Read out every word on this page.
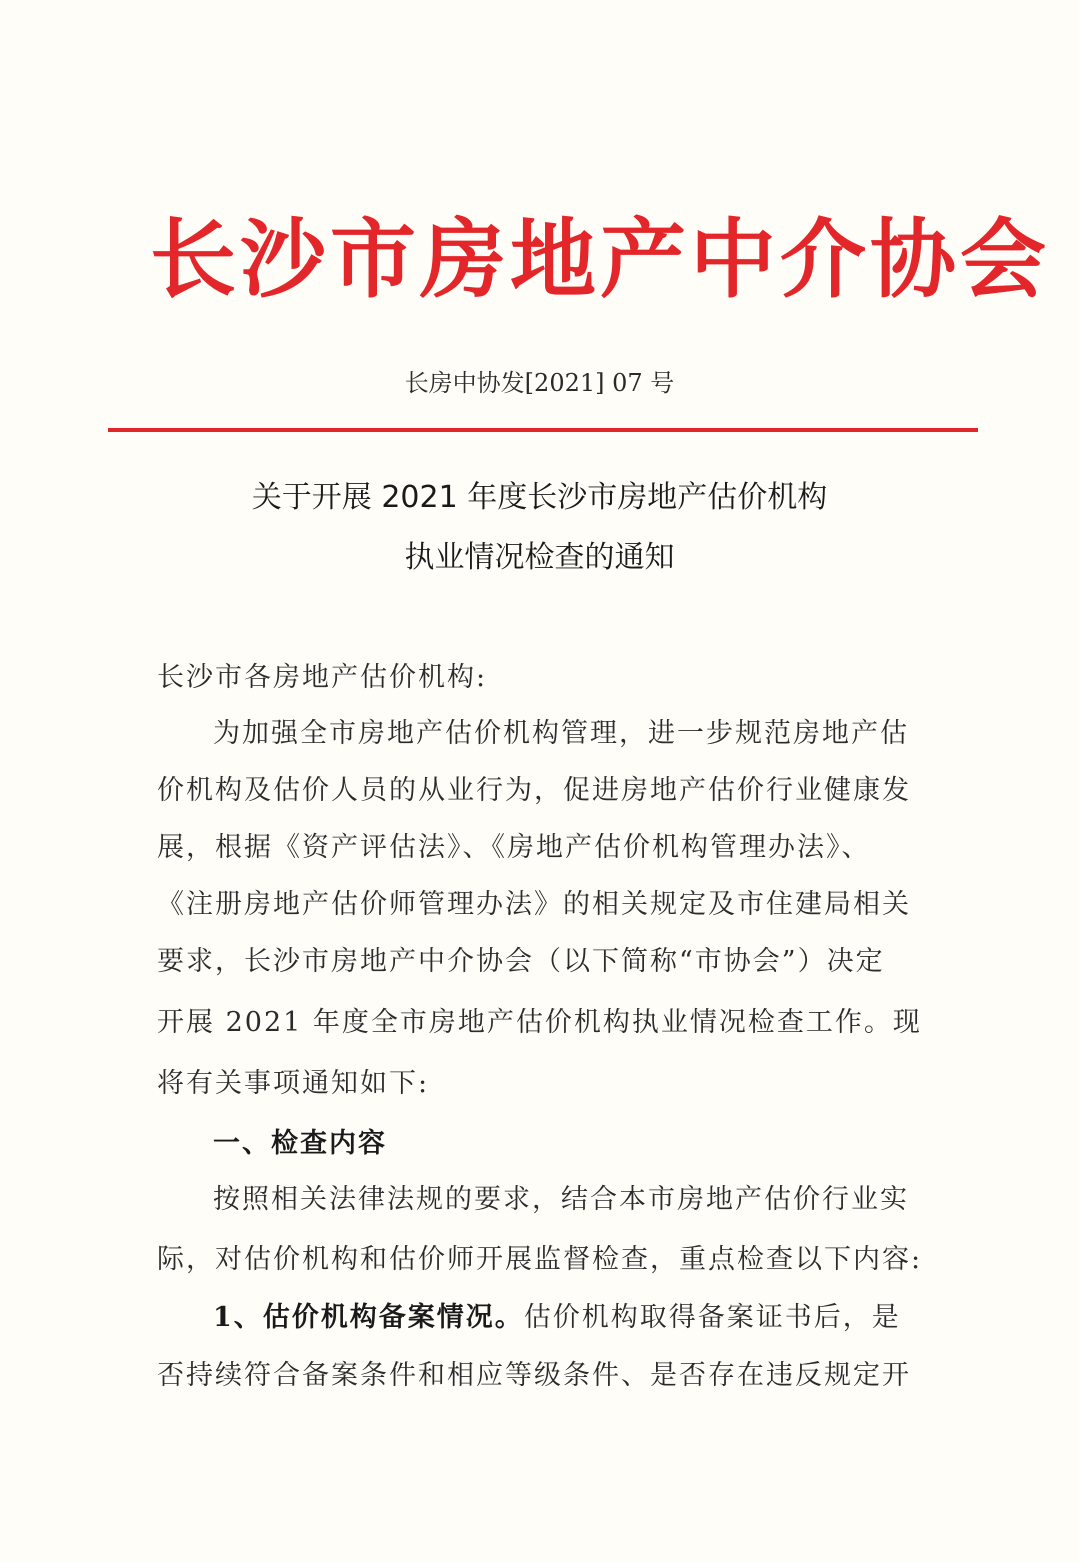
长沙市房地产中介协会
长房中协发[2021] 07 号
关于开展 2021 年度长沙市房地产估价机构
执业情况检查的通知
长沙市各房地产估价机构:
为加强全市房地产估价机构管理，进一步规范房地产估
价机构及估价人员的从业行为，促进房地产估价行业健康发
展，根据《资产评估法》、《房地产估价机构管理办法》、
《注册房地产估价师管理办法》的相关规定及市住建局相关
要求，长沙市房地产中介协会（以下简称“市协会”）决定
开展 2021 年度全市房地产估价机构执业情况检查工作。现
将有关事项通知如下:
一、检查内容
按照相关法律法规的要求，结合本市房地产估价行业实
际，对估价机构和估价师开展监督检查，重点检查以下内容:
1、估价机构备案情况。估价机构取得备案证书后，是
否持续符合备案条件和相应等级条件、是否存在违反规定开
